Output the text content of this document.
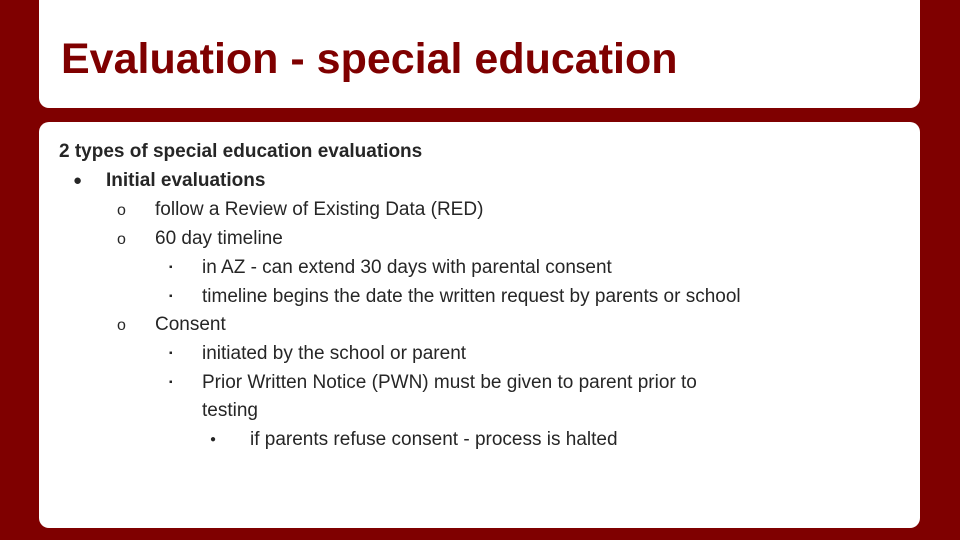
Evaluation - special education
2 types of special education evaluations
● Initial evaluations
o follow a Review of Existing Data (RED)
o 60 day timeline
▪ in AZ - can extend 30 days with parental consent
▪ timeline begins the date the written request by parents or school
o Consent
▪ initiated by the school or parent
▪ Prior Written Notice (PWN) must be given to parent prior to
testing
● if parents refuse consent - process is halted
